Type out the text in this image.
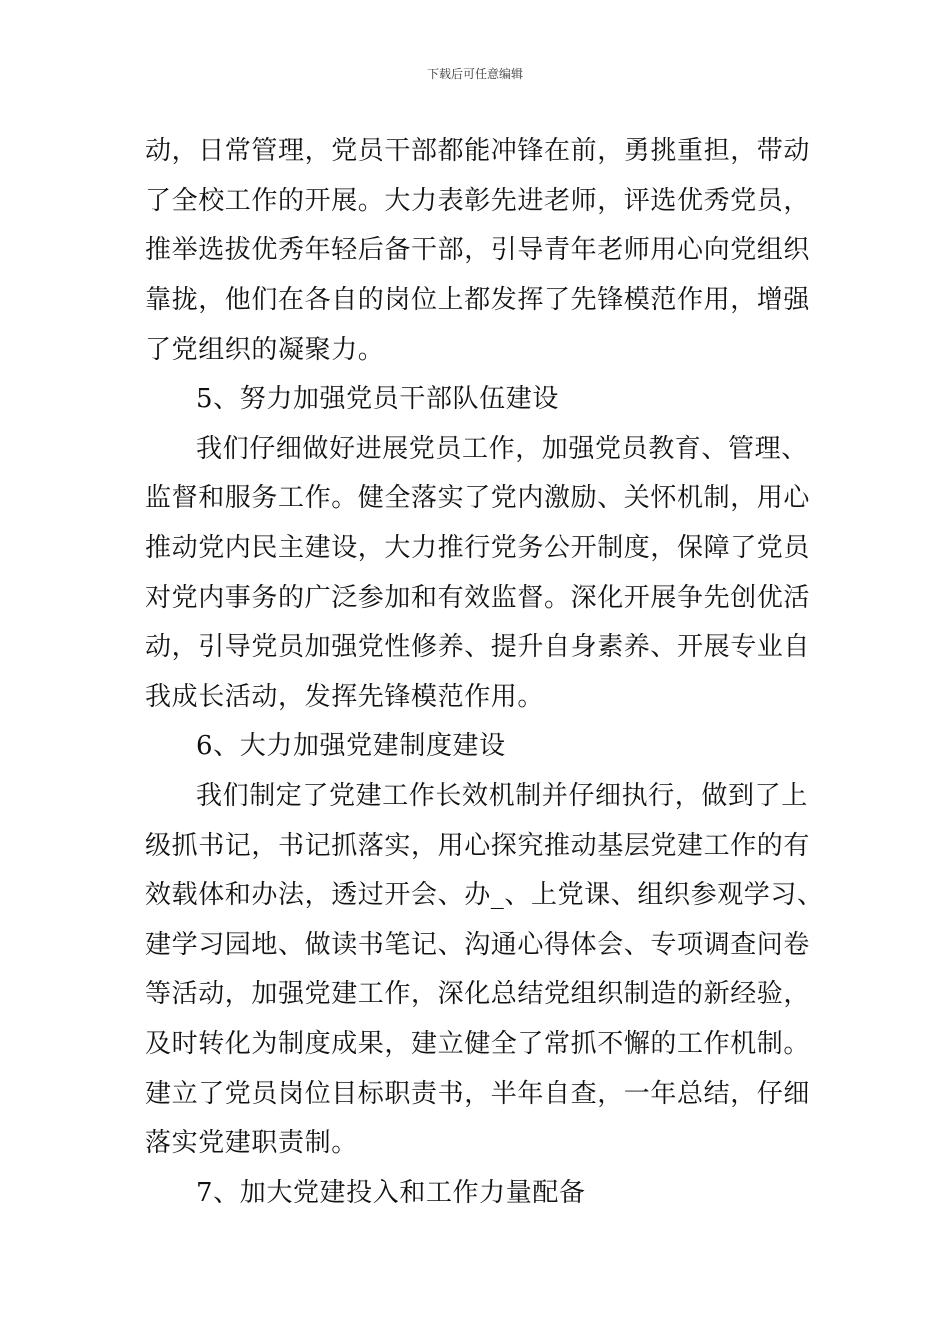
下载后可任意编辑
动，日常管理，党员干部都能冲锋在前，勇挑重担，带动
了全校工作的开展。大力表彰先进老师，评选优秀党员，
推举选拔优秀年轻后备干部，引导青年老师用心向党组织
靠拢，他们在各自的岗位上都发挥了先锋模范作用，增强
了党组织的凝聚力。
5、努力加强党员干部队伍建设
我们仔细做好进展党员工作，加强党员教育、管理、
监督和服务工作。健全落实了党内激励、关怀机制，用心
推动党内民主建设，大力推行党务公开制度，保障了党员
对党内事务的广泛参加和有效监督。深化开展争先创优活
动，引导党员加强党性修养、提升自身素养、开展专业自
我成长活动，发挥先锋模范作用。
6、大力加强党建制度建设
我们制定了党建工作长效机制并仔细执行，做到了上
级抓书记，书记抓落实，用心探究推动基层党建工作的有
效载体和办法，透过开会、办_、上党课、组织参观学习、
建学习园地、做读书笔记、沟通心得体会、专项调查问卷
等活动，加强党建工作，深化总结党组织制造的新经验，
及时转化为制度成果，建立健全了常抓不懈的工作机制。
建立了党员岗位目标职责书，半年自查，一年总结，仔细
落实党建职责制。
7、加大党建投入和工作力量配备
